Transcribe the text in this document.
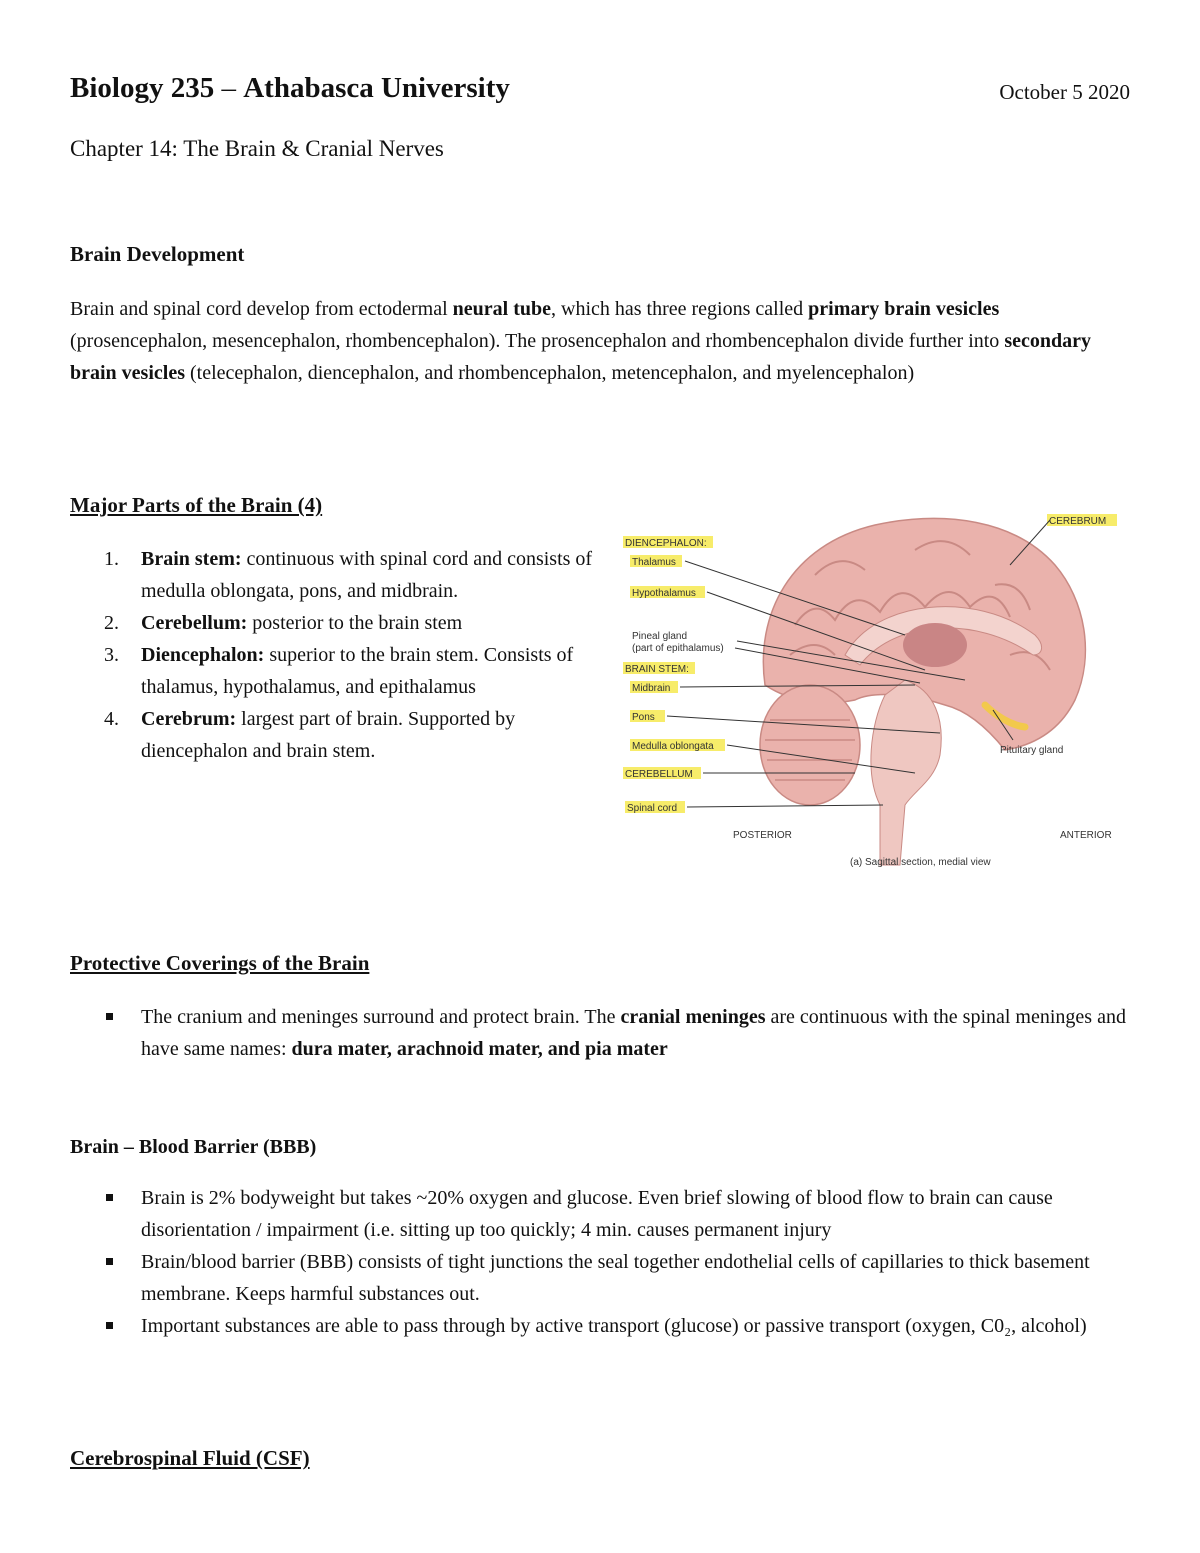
Biology 235 – Athabasca University	October 5 2020
Chapter 14: The Brain & Cranial Nerves
Brain Development
Brain and spinal cord develop from ectodermal neural tube, which has three regions called primary brain vesicles (prosencephalon, mesencephalon, rhombencephalon). The prosencephalon and rhombencephalon divide further into secondary brain vesicles (telecephalon, diencephalon, and rhombencephalon, metencephalon, and myelencephalon)
Major Parts of the Brain (4)
1. Brain stem: continuous with spinal cord and consists of medulla oblongata, pons, and midbrain.
2. Cerebellum: posterior to the brain stem
3. Diencephalon: superior to the brain stem. Consists of thalamus, hypothalamus, and epithalamus
4. Cerebrum: largest part of brain. Supported by diencephalon and brain stem.
DIENCEPHALON:
Thalamus
Hypothalamus
Pineal gland
(part of epithalamus)
BRAIN STEM:
Midbrain
Pons
Medulla oblongata
CEREBELLUM
Spinal cord
CEREBRUM
Pituitary gland
POSTERIOR	ANTERIOR
(a) Sagittal section, medial view
Protective Coverings of the Brain
The cranium and meninges surround and protect brain. The cranial meninges are continuous with the spinal meninges and have same names: dura mater, arachnoid mater, and pia mater
Brain – Blood Barrier (BBB)
Brain is 2% bodyweight but takes ~20% oxygen and glucose. Even brief slowing of blood flow to brain can cause disorientation / impairment (i.e. sitting up too quickly; 4 min. causes permanent injury
Brain/blood barrier (BBB) consists of tight junctions the seal together endothelial cells of capillaries to thick basement membrane. Keeps harmful substances out.
Important substances are able to pass through by active transport (glucose) or passive transport (oxygen, C0₂, alcohol)
Cerebrospinal Fluid (CSF)
